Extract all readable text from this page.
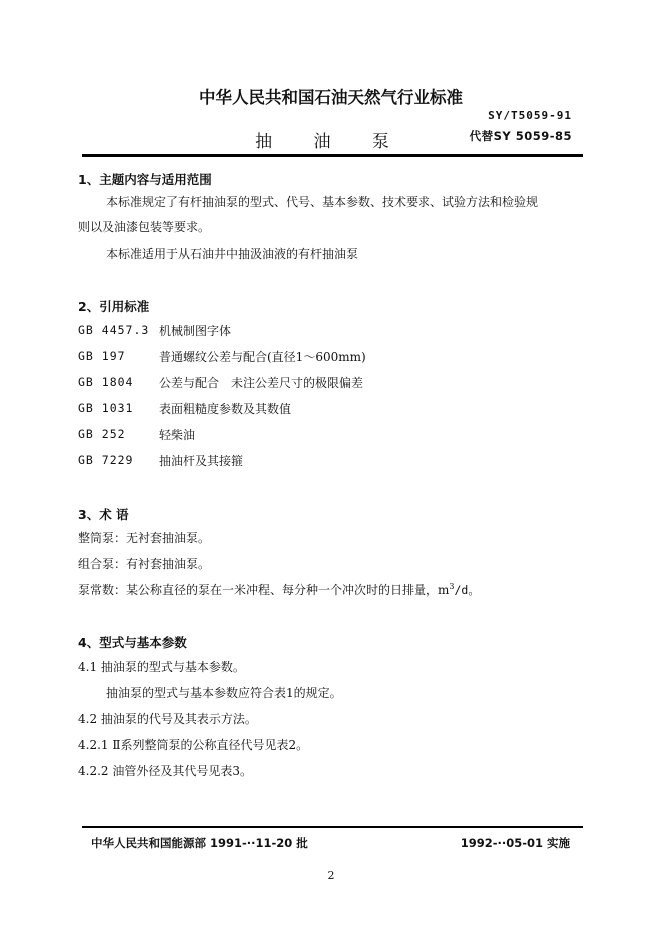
中华人民共和国石油天然气行业标准
SY/T5059-91
抽 油 泵	代替SY 5059-85
1、主题内容与适用范围
本标准规定了有杆抽油泵的型式、代号、基本参数、技术要求、试验方法和检验规
则以及油漆包装等要求。
本标准适用于从石油井中抽汲油液的有杆抽油泵
2、引用标准
GB 4457.3 机械制图字体
GB 197	普通螺纹公差与配合(直径1～600mm)
GB 1804 公差与配合　未注公差尺寸的极限偏差
GB 1031 表面粗糙度参数及其数值
GB 252	轻柴油
GB 7229 抽油杆及其接箍
3、术 语
整筒泵：无衬套抽油泵。
组合泵：有衬套抽油泵。
泵常数：某公称直径的泵在一米冲程、每分种一个冲次时的日排量，$m^3/d$。
4、型式与基本参数
4.1 抽油泵的型式与基本参数。
抽油泵的型式与基本参数应符合表1的规定。
4.2 抽油泵的代号及其表示方法。
4.2.1 Ⅱ系列整筒泵的公称直径代号见表2。
4.2.2 油管外径及其代号见表3。
中华人民共和国能源部 1991-··11-20 批	1992-··05-01 实施
2
